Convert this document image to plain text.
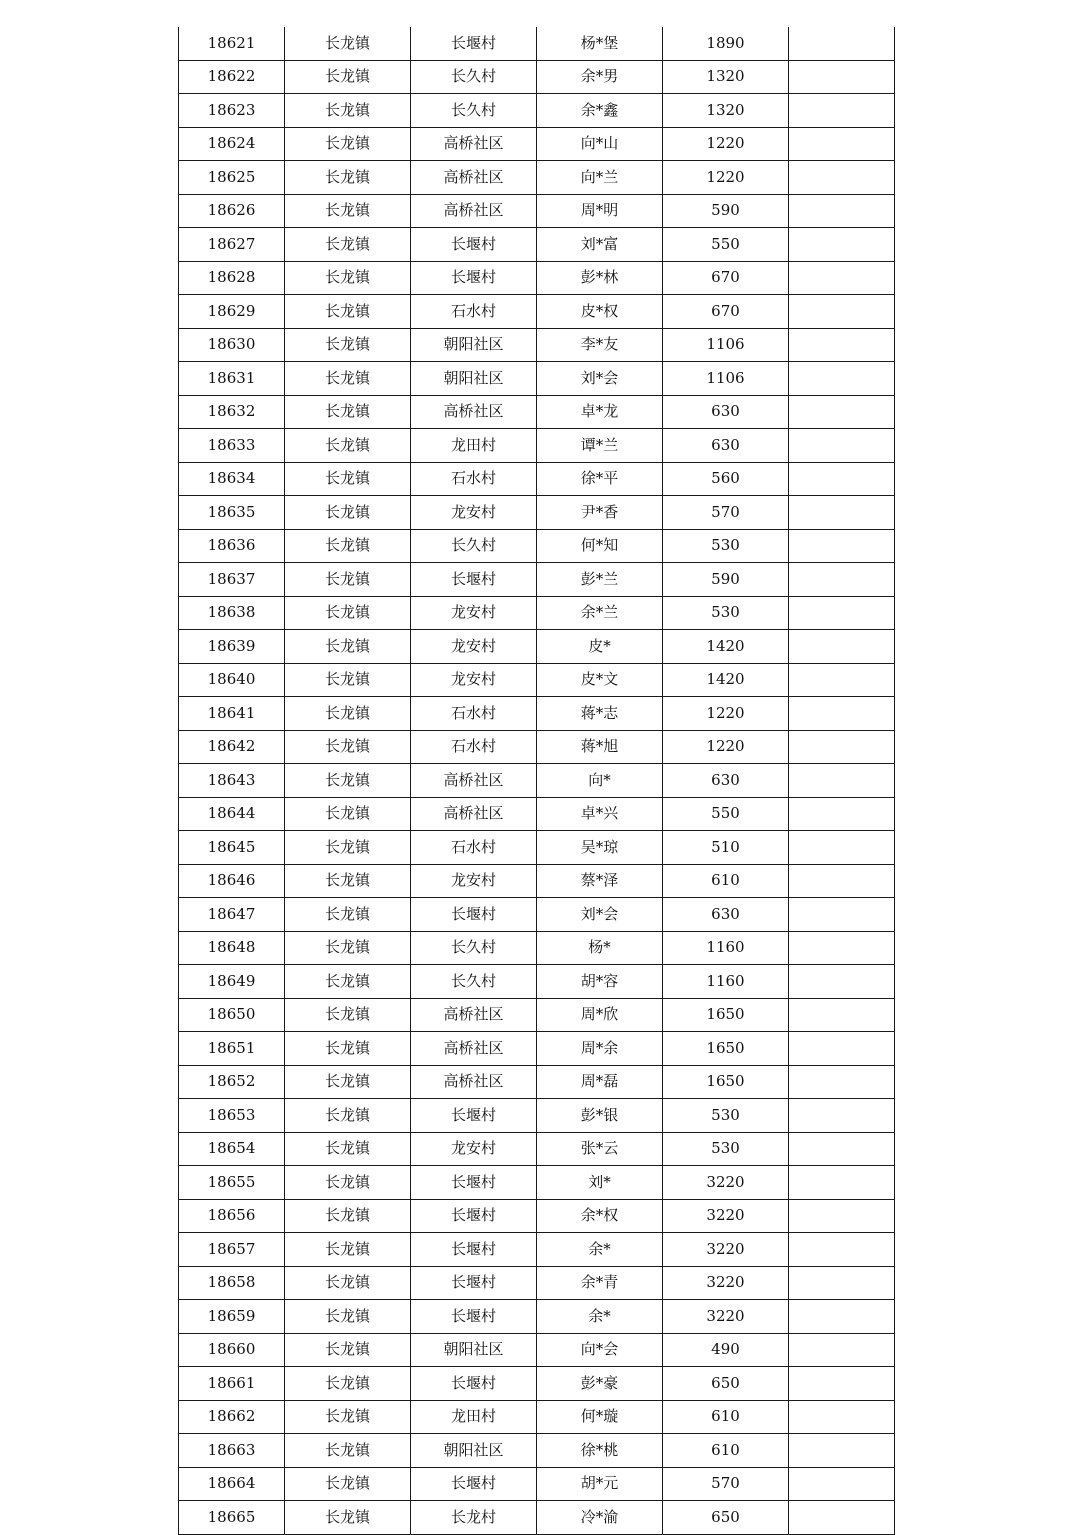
18621	长龙镇	长堰村	杨*堡	1890	
18622	长龙镇	长久村	余*男	1320	
18623	长龙镇	长久村	余*鑫	1320	
18624	长龙镇	高桥社区	向*山	1220	
18625	长龙镇	高桥社区	向*兰	1220	
18626	长龙镇	高桥社区	周*明	590	
18627	长龙镇	长堰村	刘*富	550	
18628	长龙镇	长堰村	彭*林	670	
18629	长龙镇	石水村	皮*权	670	
18630	长龙镇	朝阳社区	李*友	1106	
18631	长龙镇	朝阳社区	刘*会	1106	
18632	长龙镇	高桥社区	卓*龙	630	
18633	长龙镇	龙田村	谭*兰	630	
18634	长龙镇	石水村	徐*平	560	
18635	长龙镇	龙安村	尹*香	570	
18636	长龙镇	长久村	何*知	530	
18637	长龙镇	长堰村	彭*兰	590	
18638	长龙镇	龙安村	余*兰	530	
18639	长龙镇	龙安村	皮*	1420	
18640	长龙镇	龙安村	皮*文	1420	
18641	长龙镇	石水村	蒋*志	1220	
18642	长龙镇	石水村	蒋*旭	1220	
18643	长龙镇	高桥社区	向*	630	
18644	长龙镇	高桥社区	卓*兴	550	
18645	长龙镇	石水村	吴*琼	510	
18646	长龙镇	龙安村	蔡*泽	610	
18647	长龙镇	长堰村	刘*会	630	
18648	长龙镇	长久村	杨*	1160	
18649	长龙镇	长久村	胡*容	1160	
18650	长龙镇	高桥社区	周*欣	1650	
18651	长龙镇	高桥社区	周*余	1650	
18652	长龙镇	高桥社区	周*磊	1650	
18653	长龙镇	长堰村	彭*银	530	
18654	长龙镇	龙安村	张*云	530	
18655	长龙镇	长堰村	刘*	3220	
18656	长龙镇	长堰村	余*权	3220	
18657	长龙镇	长堰村	余*	3220	
18658	长龙镇	长堰村	余*青	3220	
18659	长龙镇	长堰村	余*	3220	
18660	长龙镇	朝阳社区	向*会	490	
18661	长龙镇	长堰村	彭*豪	650	
18662	长龙镇	龙田村	何*璇	610	
18663	长龙镇	朝阳社区	徐*桃	610	
18664	长龙镇	长堰村	胡*元	570	
18665	长龙镇	长龙村	冷*渝	650	
